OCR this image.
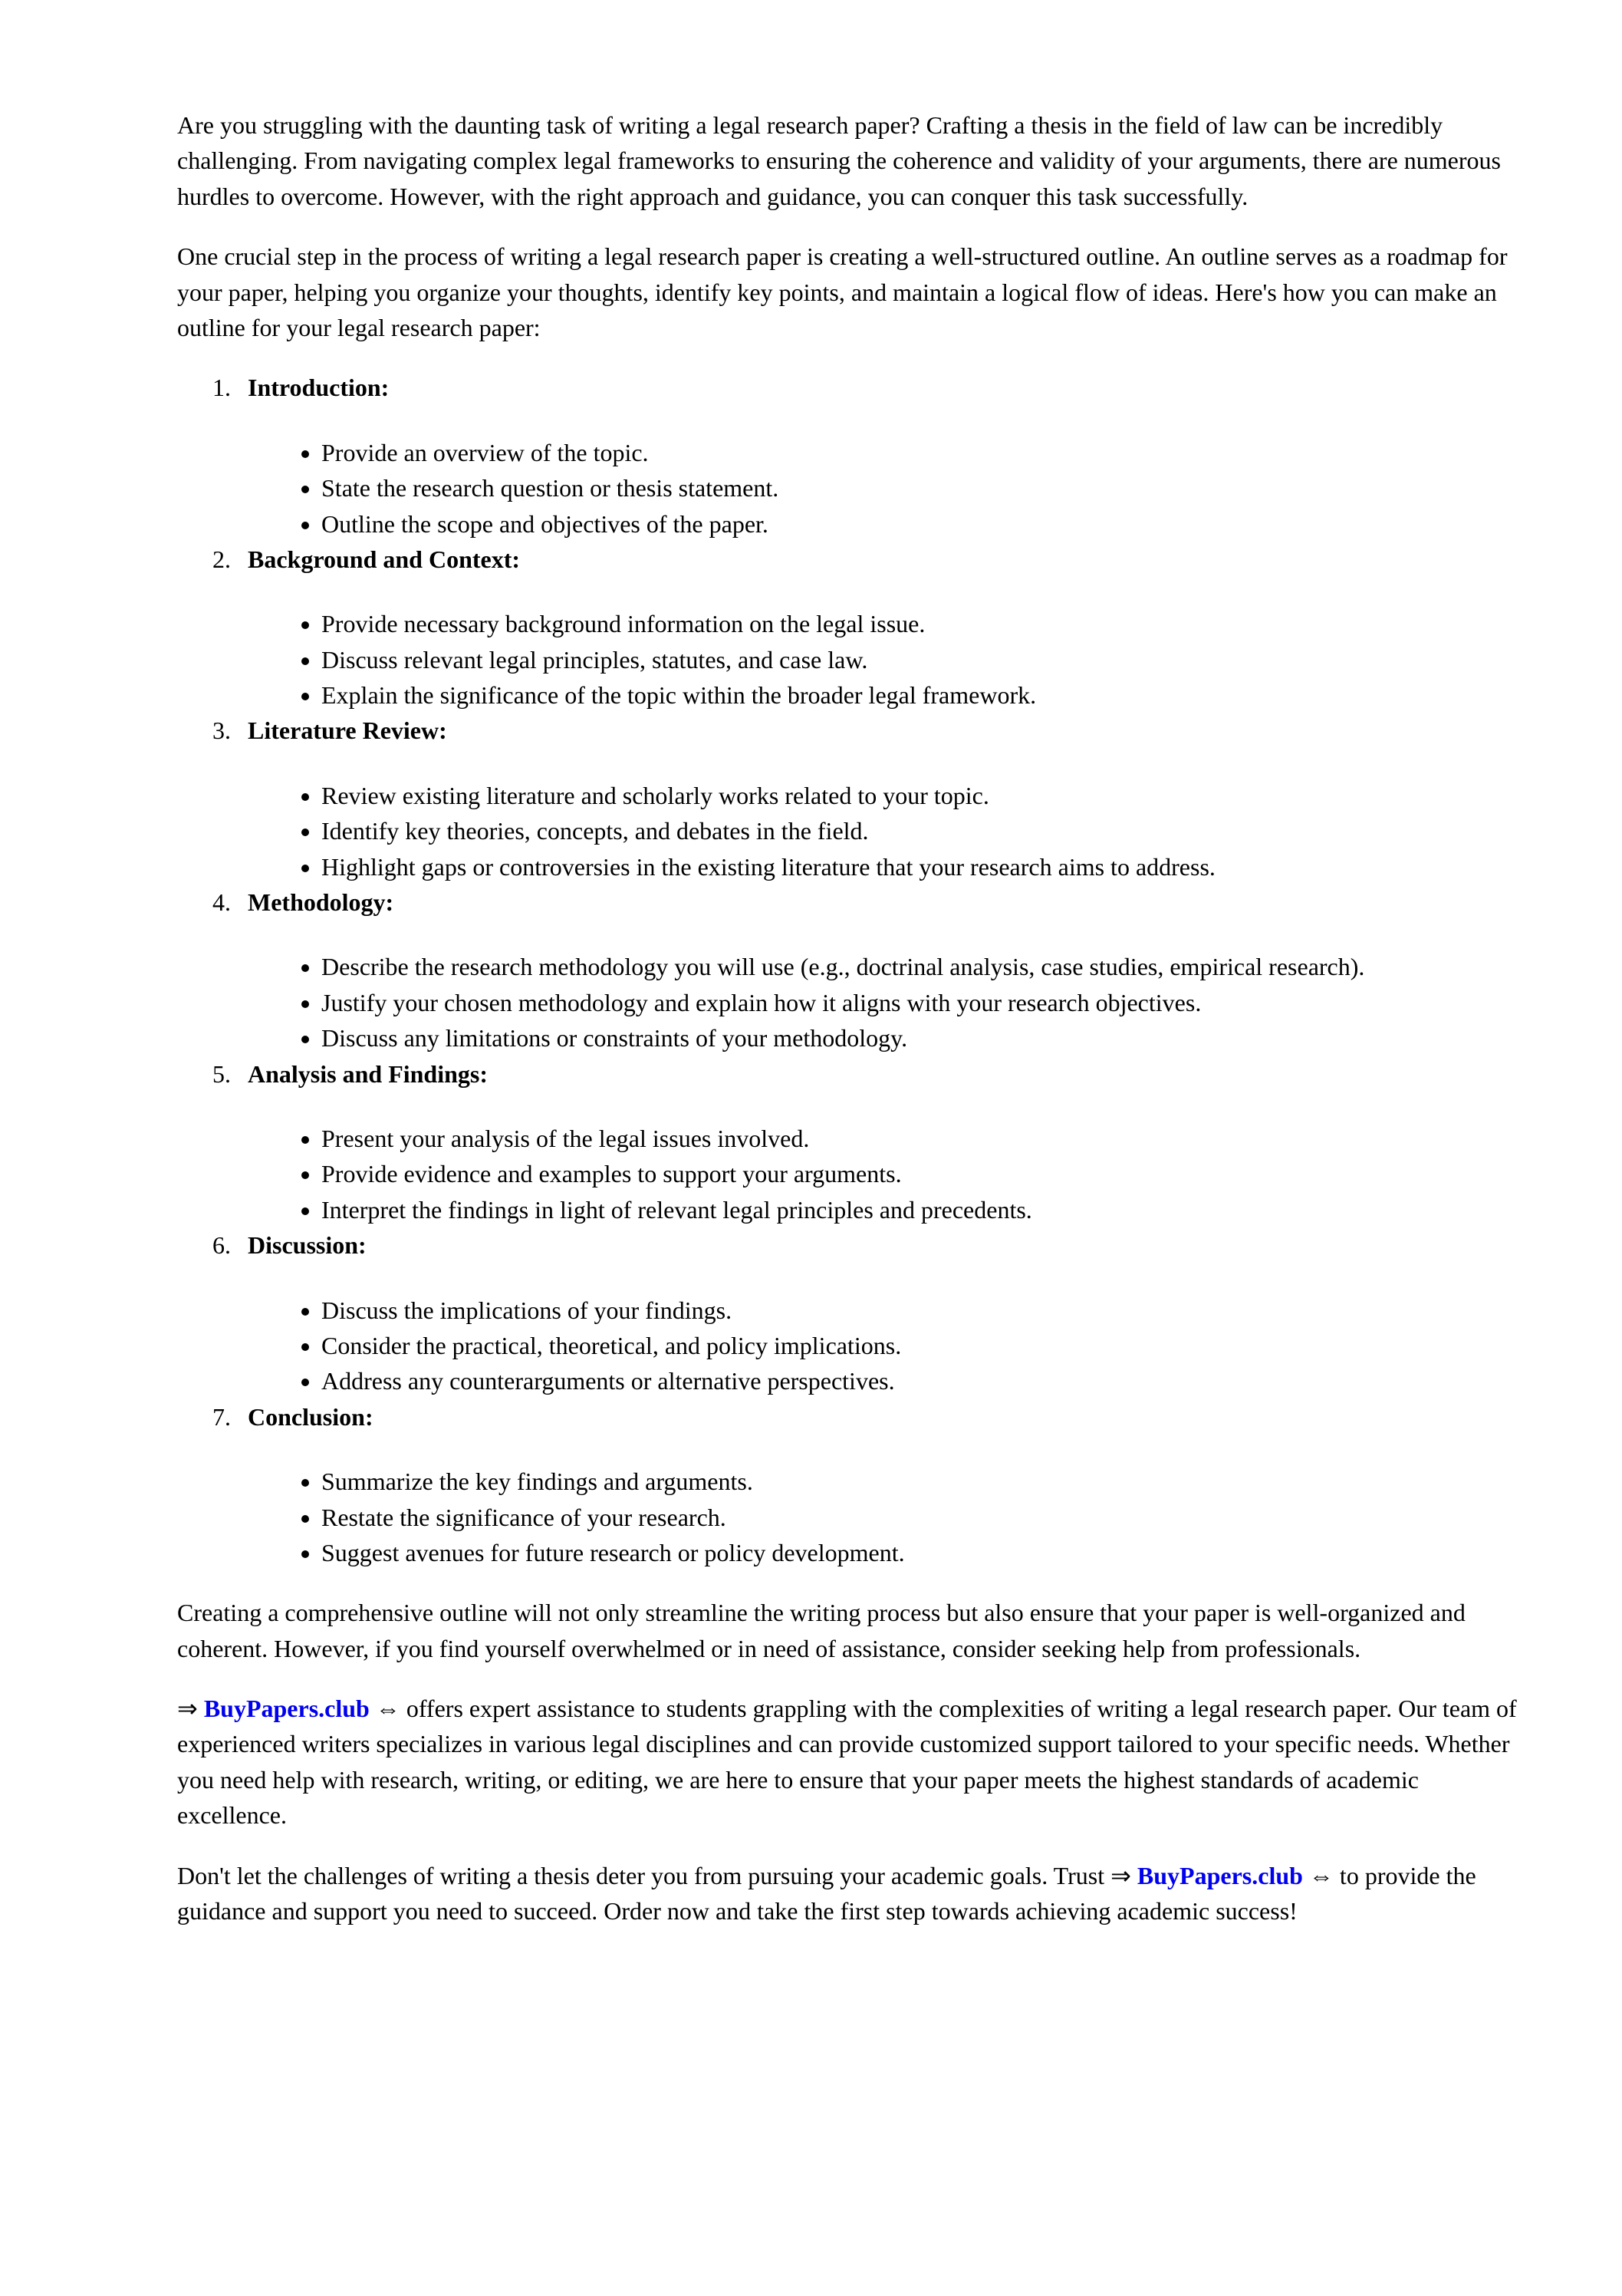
Are you struggling with the daunting task of writing a legal research paper? Crafting a thesis in the field of law can be incredibly challenging. From navigating complex legal frameworks to ensuring the coherence and validity of your arguments, there are numerous hurdles to overcome. However, with the right approach and guidance, you can conquer this task successfully.

One crucial step in the process of writing a legal research paper is creating a well-structured outline. An outline serves as a roadmap for your paper, helping you organize your thoughts, identify key points, and maintain a logical flow of ideas. Here's how you can make an outline for your legal research paper:

1. Introduction:
• Provide an overview of the topic.
• State the research question or thesis statement.
• Outline the scope and objectives of the paper.
2. Background and Context:
• Provide necessary background information on the legal issue.
• Discuss relevant legal principles, statutes, and case law.
• Explain the significance of the topic within the broader legal framework.
3. Literature Review:
• Review existing literature and scholarly works related to your topic.
• Identify key theories, concepts, and debates in the field.
• Highlight gaps or controversies in the existing literature that your research aims to address.
4. Methodology:
• Describe the research methodology you will use (e.g., doctrinal analysis, case studies, empirical research).
• Justify your chosen methodology and explain how it aligns with your research objectives.
• Discuss any limitations or constraints of your methodology.
5. Analysis and Findings:
• Present your analysis of the legal issues involved.
• Provide evidence and examples to support your arguments.
• Interpret the findings in light of relevant legal principles and precedents.
6. Discussion:
• Discuss the implications of your findings.
• Consider the practical, theoretical, and policy implications.
• Address any counterarguments or alternative perspectives.
7. Conclusion:
• Summarize the key findings and arguments.
• Restate the significance of your research.
• Suggest avenues for future research or policy development.

Creating a comprehensive outline will not only streamline the writing process but also ensure that your paper is well-organized and coherent. However, if you find yourself overwhelmed or in need of assistance, consider seeking help from professionals.

⇒ BuyPapers.club ⇔ offers expert assistance to students grappling with the complexities of writing a legal research paper. Our team of experienced writers specializes in various legal disciplines and can provide customized support tailored to your specific needs. Whether you need help with research, writing, or editing, we are here to ensure that your paper meets the highest standards of academic excellence.

Don't let the challenges of writing a thesis deter you from pursuing your academic goals. Trust ⇒ BuyPapers.club ⇔ to provide the guidance and support you need to succeed. Order now and take the first step towards achieving academic success!
